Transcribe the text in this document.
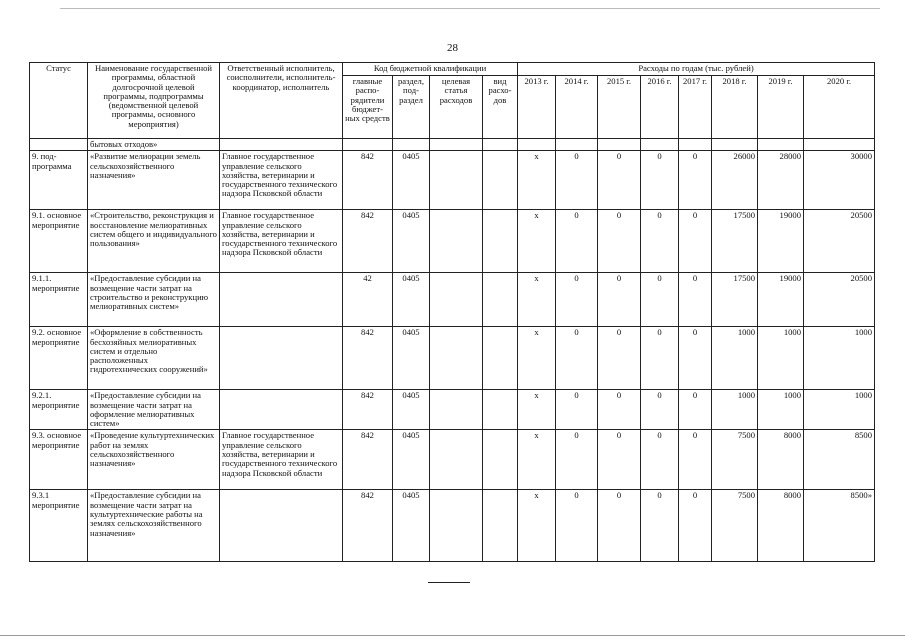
28
Статус	Наименование государственной программы, областной долгосрочной целевой программы, подпрограммы (ведомственной целевой программы, основного мероприятия)	Ответственный исполнитель, соисполнители, исполнитель-координатор, исполнитель	Код бюджетной квалификации				Расходы по годам (тыс. рублей)							
			главные распо-рядители бюджет-ных средств	раздел, под-раздел	целевая статья расходов	вид расхо-дов	2013 г.	2014 г.	2015 г.	2016 г.	2017 г.	2018 г.	2019 г.	2020 г.
	бытовых отходов»													
9. под-программа	«Развитие мелиорации земель сельскохозяйственного назначения»	Главное государственное управление сельского хозяйства, ветеринарии и государственного технического надзора Псковской области	842	0405			x	0	0	0	0	26000	28000	30000
9.1. основное мероприятие	«Строительство, реконструкция и восстановление мелиоративных систем общего и индивидуального пользования»	Главное государственное управление сельского хозяйства, ветеринарии и государственного технического надзора Псковской области	842	0405			x	0	0	0	0	17500	19000	20500
9.1.1. мероприятие	«Предоставление субсидии на возмещение части затрат на строительство и реконструкцию мелиоративных систем»		42	0405			x	0	0	0	0	17500	19000	20500
9.2. основное мероприятие	«Оформление в собственность бесхозяйных мелиоративных систем и отдельно расположенных гидротехнических сооружений»		842	0405			x	0	0	0	0	1000	1000	1000
9.2.1. мероприятие	«Предоставление субсидии на возмещение части затрат на оформление мелиоративных систем»		842	0405			x	0	0	0	0	1000	1000	1000
9.3. основное мероприятие	«Проведение культуртехнических работ на землях сельскохозяйственного назначения»	Главное государственное управление сельского хозяйства, ветеринарии и государственного технического надзора Псковской области	842	0405			x	0	0	0	0	7500	8000	8500
9.3.1 мероприятие	«Предоставление субсидии на возмещение части затрат на культуртехнические работы на землях сельскохозяйственного назначения»		842	0405			x	0	0	0	0	7500	8000	8500»
